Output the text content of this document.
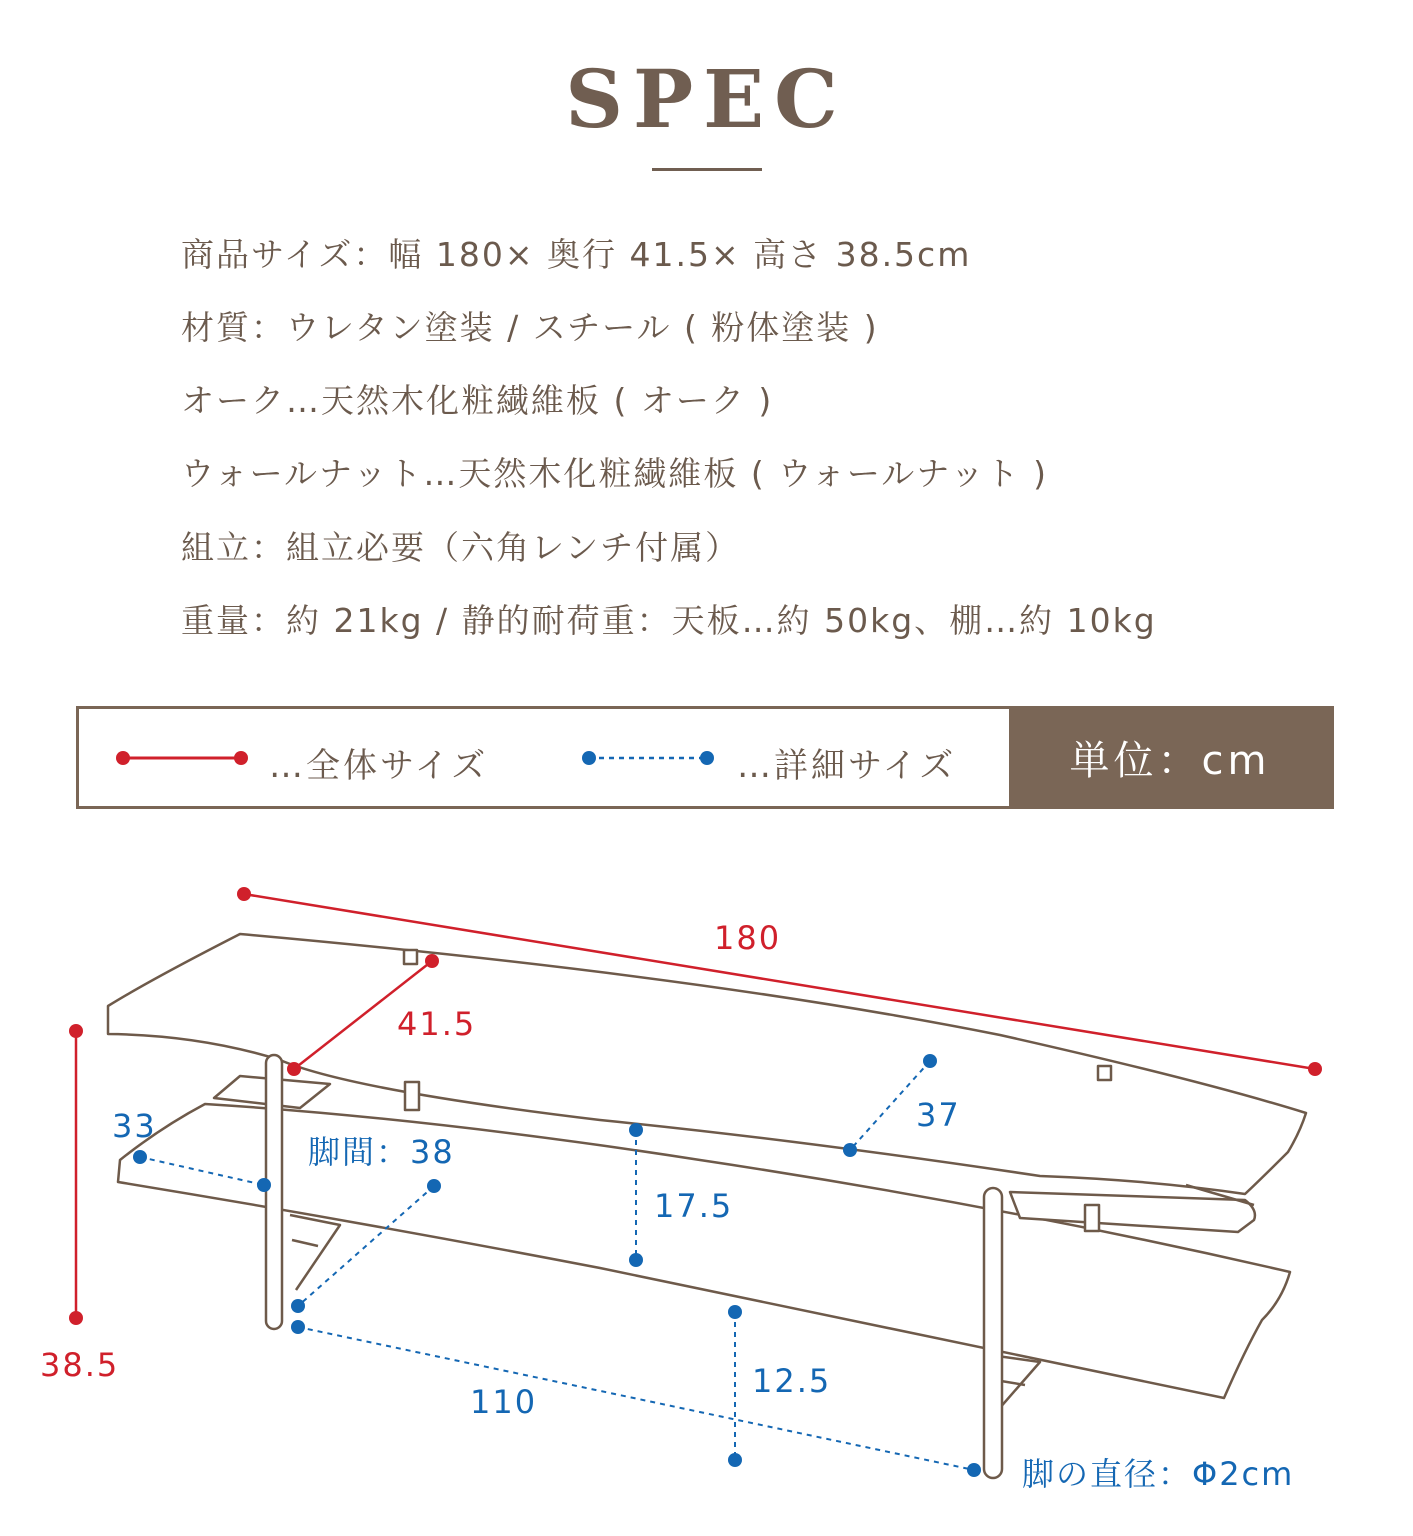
SPEC
商品サイズ：幅 180× 奥行 41.5× 高さ 38.5cm
材質：ウレタン塗装 / スチール ( 粉体塗装 )
オーク…天然木化粧繊維板 ( オーク )
ウォールナット…天然木化粧繊維板 ( ウォールナット )
組立：組立必要（六角レンチ付属）
重量：約 21kg / 静的耐荷重：天板…約 50kg、棚…約 10kg
…全体サイズ	…詳細サイズ	単位：cm
180
41.5
38.5
37
33
脚間：38
17.5
110
12.5
脚の直径：Φ2cm
